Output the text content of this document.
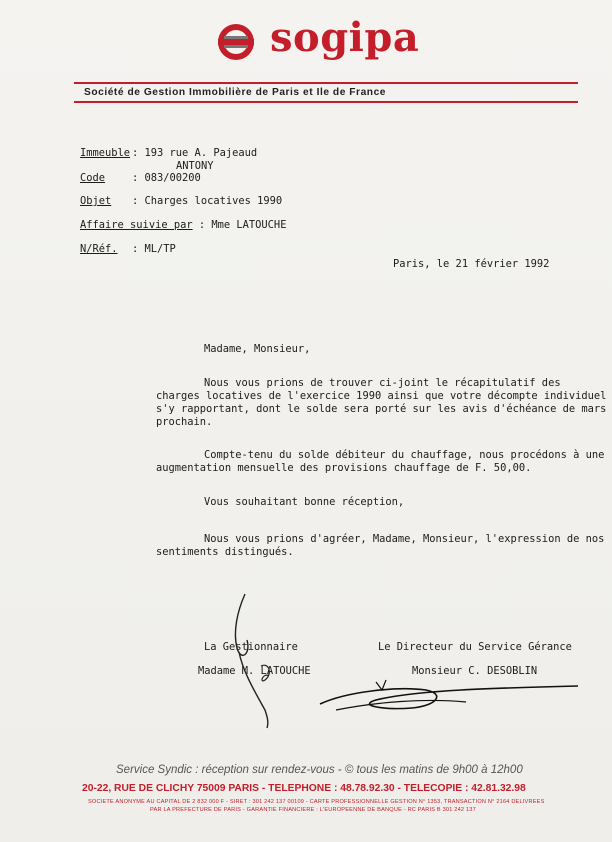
sogipa
Société de Gestion Immobilière de Paris et Ile de France
Immeuble : 193 rue A. Pajeaud
ANTONY
Code	: 083/00200
Objet : Charges locatives 1990
Affaire suivie par : Mme LATOUCHE
N/Réf. : ML/TP
Paris, le 21 février 1992
Madame, Monsieur,
Nous vous prions de trouver ci-joint le récapitulatif des
charges locatives de l'exercice 1990 ainsi que votre décompte individuel
s'y rapportant, dont le solde sera porté sur les avis d'échéance de mars
prochain.
Compte-tenu du solde débiteur du chauffage, nous procédons à une
augmentation mensuelle des provisions chauffage de F. 50,00.
Vous souhaitant bonne réception,
Nous vous prions d'agréer, Madame, Monsieur, l'expression de nos
sentiments distingués.
La Gestionnaire
Madame M. LATOUCHE
Le Directeur du Service Gérance
Monsieur C. DESOBLIN
Service Syndic : réception sur rendez-vous - © tous les matins de 9h00 à 12h00
20-22, RUE DE CLICHY 75009 PARIS - TELEPHONE : 48.78.92.30 - TELECOPIE : 42.81.32.98
SOCIETE ANONYME AU CAPITAL DE 2 832 000 F - SIRET : 301 242 137 00109 - CARTE PROFESSIONNELLE GESTION N° 1353, TRANSACTION N° 2164 DELIVREES
PAR LA PREFECTURE DE PARIS - GARANTIE FINANCIERE : L'EUROPEENNE DE BANQUE - RC PARIS B 301 242 137
